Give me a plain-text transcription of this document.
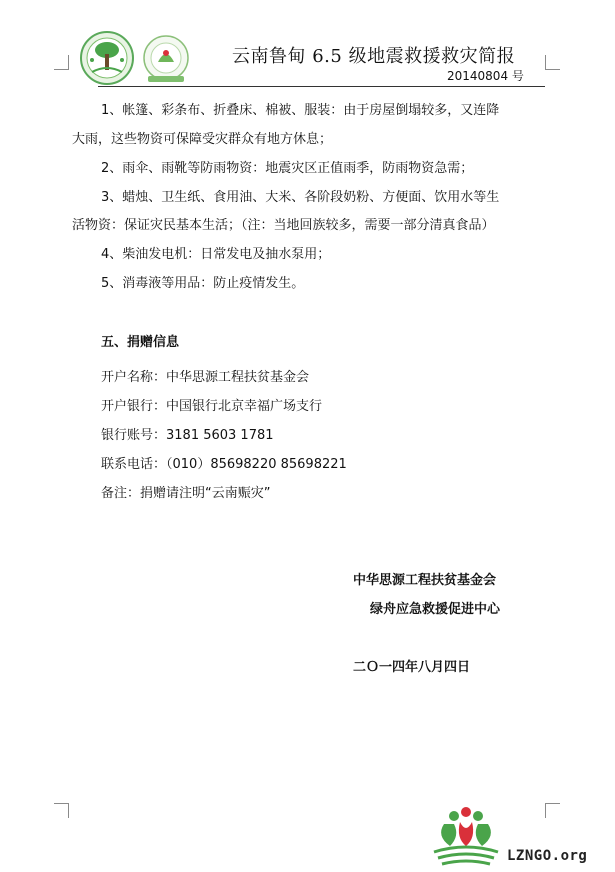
云南鲁甸 6.5 级地震救援救灾简报
20140804 号
1、帐篷、彩条布、折叠床、棉被、服装：由于房屋倒塌较多，又连降
大雨，这些物资可保障受灾群众有地方休息；
2、雨伞、雨靴等防雨物资：地震灾区正值雨季，防雨物资急需；
3、蜡烛、卫生纸、食用油、大米、各阶段奶粉、方便面、饮用水等生
活物资：保证灾民基本生活；（注：当地回族较多，需要一部分清真食品）
4、柴油发电机：日常发电及抽水泵用；
5、消毒液等用品：防止疫情发生。
五、捐赠信息
开户名称：中华思源工程扶贫基金会
开户银行：中国银行北京幸福广场支行
银行账号：3181 5603 1781
联系电话：（010）85698220 85698221
备注：捐赠请注明“云南赈灾”
中华思源工程扶贫基金会
绿舟应急救援促进中心
二Ｏ一四年八月四日
LZNGO.org
